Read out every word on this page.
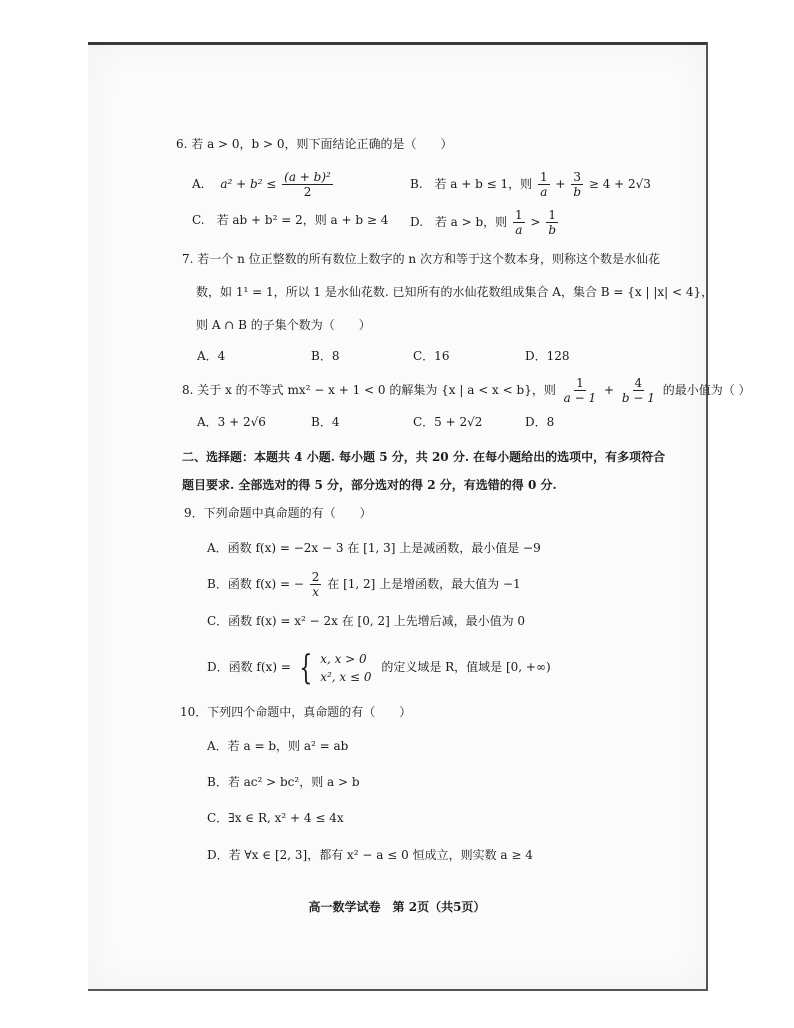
6. 若 a > 0，b > 0，则下面结论正确的是（　　）
A. $a^2 + b^2 \le \frac{\text{(a + b)²}}{2}$	B. 若 a + b ≤ 1，则 $\frac{1}{a} + \frac{3}{b} \ge 4 + 2√3$
C.　若 ab + b² = 2，则 a + b ≥ 4 D. 若 a > b，则 $\frac{1}{a} > \frac{1}{b}$
7. 若一个 n 位正整数的所有数位上数字的 n 次方和等于这个数本身，则称这个数是水仙花
数，如 1¹ = 1，所以 1 是水仙花数. 已知所有的水仙花数组成集合 A，集合 B = {x | |x| < 4}，
则 A ∩ B 的子集个数为（　　）
A．4	B．8	C．16	D．128
8. 关于 x 的不等式 mx² − x + 1 < 0 的解集为 {x | a < x < b}，则 $\frac{1}{a - 1} + \frac{4}{b - 1}$ 的最小值为（ ）
A．3 + 2√6	B．4	C．5 + 2√2	D．8
二、选择题：本题共 4 小题. 每小题 5 分，共 20 分. 在每小题给出的选项中，有多项符合
题目要求. 全部选对的得 5 分，部分选对的得 2 分，有选错的得 0 分.
9．下列命题中真命题的有（　　）
A．函数 f(x) = −2x − 3 在 [1, 3] 上是减函数，最小值是 −9
B．函数 f(x) = − $\frac{2}{x}$ 在 [1, 2] 上是增函数，最大值为 −1
C．函数 f(x) = x² − 2x 在 [0, 2] 上先增后减，最小值为 0
D．函数 f(x) = { x, x > 0
x², x ≤ 0
的定义域是 R，值域是 [0, +∞)
10．下列四个命题中，真命题的有（　　）
A．若 a = b，则 a² = ab
B．若 ac² > bc²，则 a > b
C．∃x ∈ R, x² + 4 ≤ 4x
D．若 ∀x ∈ [2, 3]，都有 x² − a ≤ 0 恒成立，则实数 a ≥ 4
高一数学试卷　第 2页（共5页）
